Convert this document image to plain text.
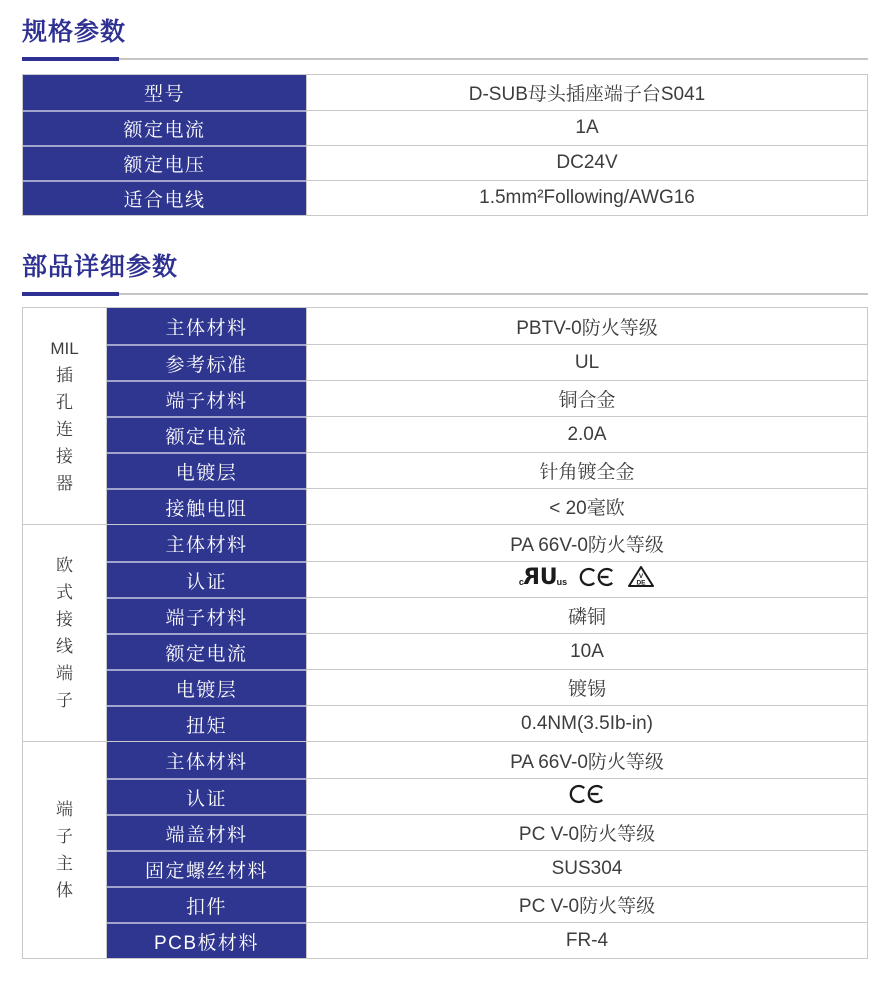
规格参数
型号	D-SUB母头插座端子台S041
额定电流	1A
额定电压	DC24V
适合电线	1.5mm²Following/AWG16
部品详细参数
MIL
插
孔
连
接
器
主体材料	PBTV-0防火等级
参考标准	UL
端子材料	铜合金
额定电流	2.0A
电镀层	针角镀全金
接触电阻	< 20毫欧
欧
式
接
线
端
子
主体材料	PA 66V-0防火等级
认证	c RU us
V
DE
端子材料	磷铜
额定电流	10A
电镀层	镀锡
扭矩	0.4NM(3.5Ib-in)
端
子
主
体
主体材料	PA 66V-0防火等级
认证
端盖材料	PC V-0防火等级
固定螺丝材料	SUS304
扣件	PC V-0防火等级
PCB板材料	FR-4
